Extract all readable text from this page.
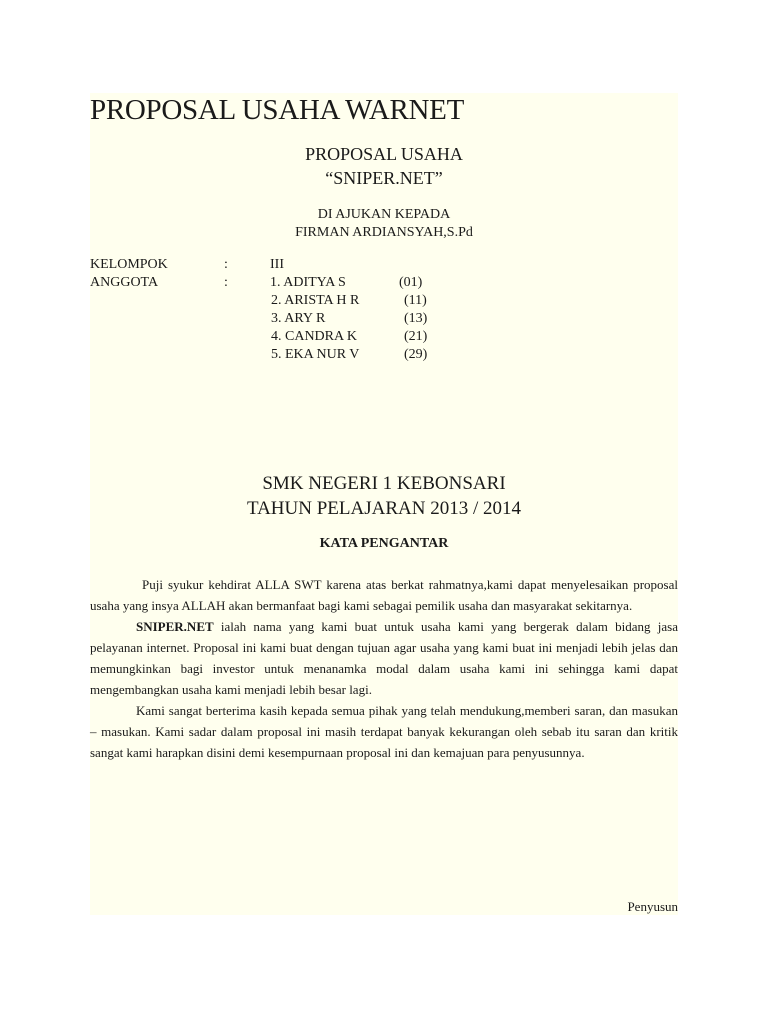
PROPOSAL USAHA WARNET
PROPOSAL USAHA
“SNIPER.NET”
DI AJUKAN KEPADA
FIRMAN ARDIANSYAH,S.Pd
KELOMPOK	:	III
ANGGOTA	:	1. ADITYA S	(01)
2. ARISTA H R	(11)
3. ARY R	(13)
4. CANDRA K	(21)
5. EKA NUR V	(29)
SMK NEGERI 1 KEBONSARI
TAHUN PELAJARAN 2013 / 2014
KATA PENGANTAR

Puji syukur kehdirat ALLA SWT karena atas berkat rahmatnya,kami dapat menyelesaikan proposal usaha yang insya ALLAH akan bermanfaat bagi kami sebagai pemilik usaha dan masyarakat sekitarnya.

SNIPER.NET ialah nama yang kami buat untuk usaha kami yang bergerak dalam bidang jasa pelayanan internet. Proposal ini kami buat dengan tujuan agar usaha yang kami buat ini menjadi lebih jelas dan memungkinkan bagi investor untuk menanamka modal dalam usaha kami ini sehingga kami dapat mengembangkan usaha kami menjadi lebih besar lagi.

Kami sangat berterima kasih kepada semua pihak yang telah mendukung,memberi saran, dan masukan – masukan. Kami sadar dalam proposal ini masih terdapat banyak kekurangan oleh sebab itu saran dan kritik sangat kami harapkan disini demi kesempurnaan proposal ini dan kemajuan para penyusunnya.

Penyusun
